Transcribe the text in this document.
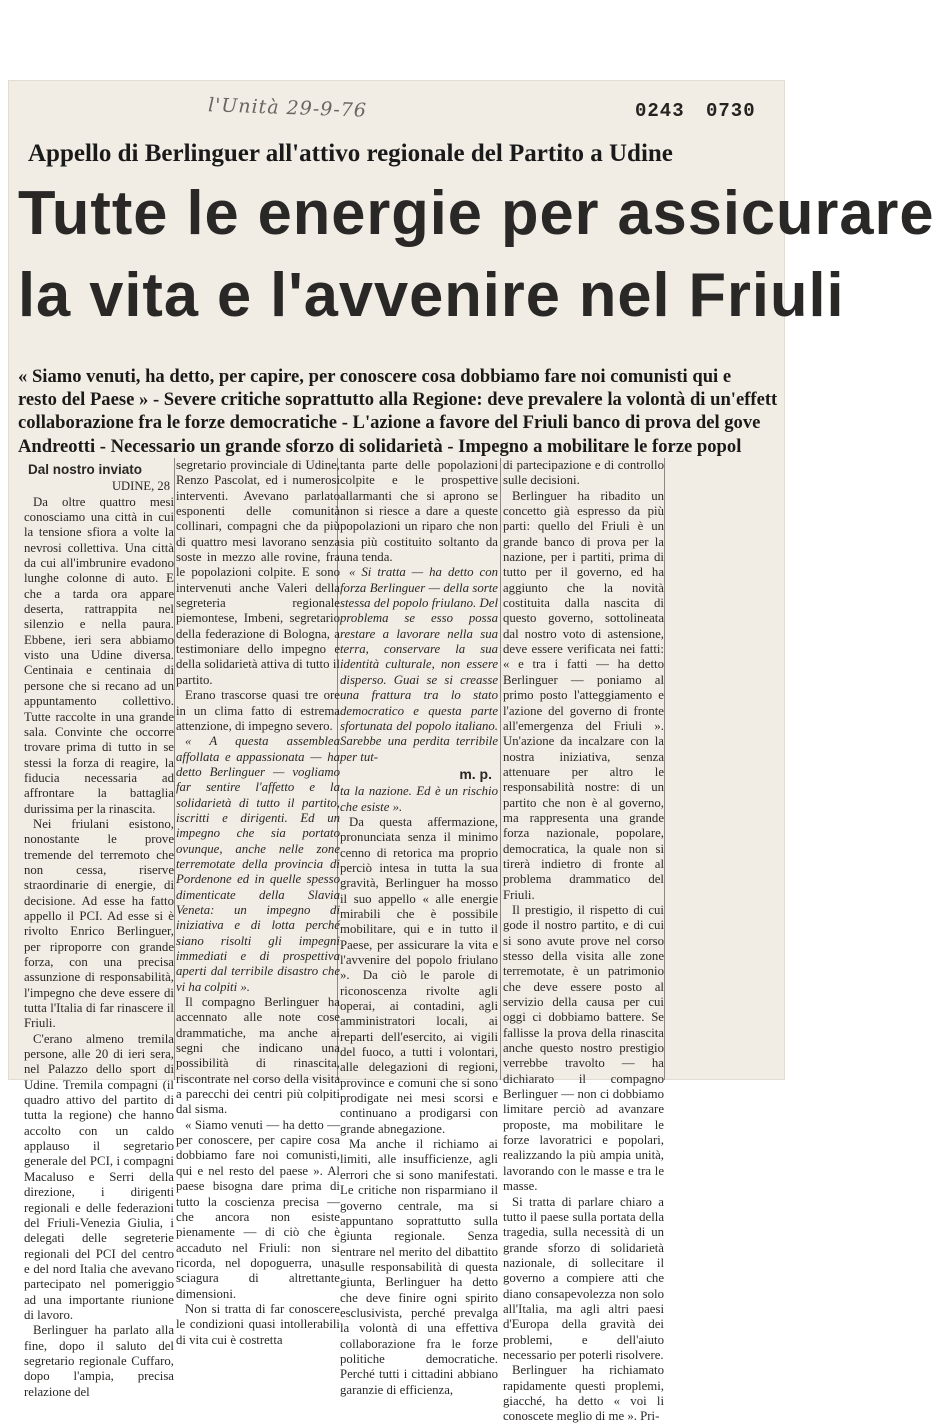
l'Unità 29-9-76	0243 0730
Appello di Berlinguer all'attivo regionale del Partito a Udine
Tutte le energie per assicurare
la vita e l'avvenire nel Friuli
« Siamo venuti, ha detto, per capire, per conoscere cosa dobbiamo fare noi comunisti qui e
resto del Paese » - Severe critiche soprattutto alla Regione: deve prevalere la volontà di un'effett
collaborazione fra le forze democratiche - L'azione a favore del Friuli banco di prova del gove
Andreotti - Necessario un grande sforzo di solidarietà - Impegno a mobilitare le forze popol
Dal nostro inviato
UDINE, 28

Da oltre quattro mesi conosciamo una città in cui la tensione sfiora a volte la nevrosi collettiva. Una città da cui all'imbrunire evadono lunghe colonne di auto. E che a tarda ora appare deserta, rattrappita nel silenzio e nella paura. Ebbene, ieri sera abbiamo visto una Udine diversa. Centinaia e centinaia di persone che si recano ad un appuntamento collettivo. Tutte raccolte in una grande sala. Convinte che occorre trovare prima di tutto in se stessi la forza di reagire, la fiducia necessaria ad affrontare la battaglia durissima per la rinascita.

Nei friulani esistono, nonostante le prove tremende del terremoto che non cessa, riserve straordinarie di energie, di decisione. Ad esse ha fatto appello il PCI. Ad esse si è rivolto Enrico Berlinguer, per riproporre con grande forza, con una precisa assunzione di responsabilità, l'impegno che deve essere di tutta l'Italia di far rinascere il Friuli.

C'erano almeno tremila persone, alle 20 di ieri sera, nel Palazzo dello sport di Udine. Tremila compagni (il quadro attivo del partito di tutta la regione) che hanno accolto con un caldo applauso il segretario generale del PCI, i compagni Macaluso e Serri della direzione, i dirigenti regionali e delle federazioni del Friuli-Venezia Giulia, i delegati delle segreterie regionali del PCI del centro e del nord Italia che avevano partecipato nel pomeriggio ad una importante riunione di lavoro.

Berlinguer ha parlato alla fine, dopo il saluto del segretario regionale Cuffaro, dopo l'ampia, precisa relazione del

segretario provinciale di Udine, Renzo Pascolat, ed i numerosi interventi. Avevano parlato esponenti delle comunità collinari, compagni che da più di quattro mesi lavorano senza soste in mezzo alle rovine, fra le popolazioni colpite. E sono intervenuti anche Valeri della segreteria regionale piemontese, Imbeni, segretario della federazione di Bologna, a testimoniare dello impegno e della solidarietà attiva di tutto il partito.

Erano trascorse quasi tre ore in un clima fatto di estrema attenzione, di impegno severo.

« A questa assemblea affollata e appassionata — ha detto Berlinguer — vogliamo far sentire l'affetto e la solidarietà di tutto il partito, iscritti e dirigenti. Ed un impegno che sia portato ovunque, anche nelle zone terremotate della provincia di Pordenone ed in quelle spesso dimenticate della Slavia Veneta: un impegno di iniziativa e di lotta perché siano risolti gli impegni immediati e di prospettiva aperti dal terribile disastro che vi ha colpiti ».

Il compagno Berlinguer ha accennato alle note cose drammatiche, ma anche ai segni che indicano una possibilità di rinascita, riscontrate nel corso della visita a parecchi dei centri più colpiti dal sisma.

« Siamo venuti — ha detto — per conoscere, per capire cosa dobbiamo fare noi comunisti, qui e nel resto del paese ». Al paese bisogna dare prima di tutto la coscienza precisa — che ancora non esiste pienamente — di ciò che è accaduto nel Friuli: non si ricorda, nel dopoguerra, una sciagura di altrettante dimensioni.

Non si tratta di far conoscere le condizioni quasi intollerabili di vita cui è costretta

tanta parte delle popolazioni colpite e le prospettive allarmanti che si aprono se non si riesce a dare a queste popolazioni un riparo che non sia più costituito soltanto da una tenda.

« Si tratta — ha detto con forza Berlinguer — della sorte stessa del popolo friulano. Del problema se esso possa restare a lavorare nella sua terra, conservare la sua identità culturale, non essere disperso. Guai se si creasse una frattura tra lo stato democratico e questa parte sfortunata del popolo italiano. Sarebbe una perdita terribile per tut-

m. p.

ta la nazione. Ed è un rischio che esiste ».

Da questa affermazione, pronunciata senza il minimo cenno di retorica ma proprio perciò intesa in tutta la sua gravità, Berlinguer ha mosso il suo appello « alle energie mirabili che è possibile mobilitare, qui e in tutto il Paese, per assicurare la vita e l'avvenire del popolo friulano ». Da ciò le parole di riconoscenza rivolte agli operai, ai contadini, agli amministratori locali, ai reparti dell'esercito, ai vigili del fuoco, a tutti i volontari, alle delegazioni di regioni, province e comuni che si sono prodigate nei mesi scorsi e continuano a prodigarsi con grande abnegazione.

Ma anche il richiamo ai limiti, alle insufficienze, agli errori che si sono manifestati. Le critiche non risparmiano il governo centrale, ma si appuntano soprattutto sulla giunta regionale. Senza entrare nel merito del dibattito sulle responsabilità di questa giunta, Berlinguer ha detto che deve finire ogni spirito esclusivista, perché prevalga la volontà di una effettiva collaborazione fra le forze politiche democratiche. Perché tutti i cittadini abbiano garanzie di efficienza,

di partecipazione e di controllo sulle decisioni.

Berlinguer ha ribadito un concetto già espresso da più parti: quello del Friuli è un grande banco di prova per la nazione, per i partiti, prima di tutto per il governo, ed ha aggiunto che la novità costituita dalla nascita di questo governo, sottolineata dal nostro voto di astensione, deve essere verificata nei fatti: « e tra i fatti — ha detto Berlinguer — poniamo al primo posto l'atteggiamento e l'azione del governo di fronte all'emergenza del Friuli ». Un'azione da incalzare con la nostra iniziativa, senza attenuare per altro le responsabilità nostre: di un partito che non è al governo, ma rappresenta una grande forza nazionale, popolare, democratica, la quale non si tirerà indietro di fronte al problema drammatico del Friuli.

Il prestigio, il rispetto di cui gode il nostro partito, e di cui si sono avute prove nel corso stesso della visita alle zone terremotate, è un patrimonio che deve essere posto al servizio della causa per cui oggi ci dobbiamo battere. Se fallisse la prova della rinascita anche questo nostro prestigio verrebbe travolto — ha dichiarato il compagno Berlinguer — non ci dobbiamo limitare perciò ad avanzare proposte, ma mobilitare le forze lavoratrici e popolari, realizzando la più ampia unità, lavorando con le masse e tra le masse.

Si tratta di parlare chiaro a tutto il paese sulla portata della tragedia, sulla necessità di un grande sforzo di solidarietà nazionale, di sollecitare il governo a compiere atti che diano consapevolezza non solo all'Italia, ma agli altri paesi d'Europa della gravità dei problemi, e dell'aiuto necessario per poterli risolvere.

Berlinguer ha richiamato rapidamente questi proplemi, giacché, ha detto « voi li conoscete meglio di me ». Pri-
